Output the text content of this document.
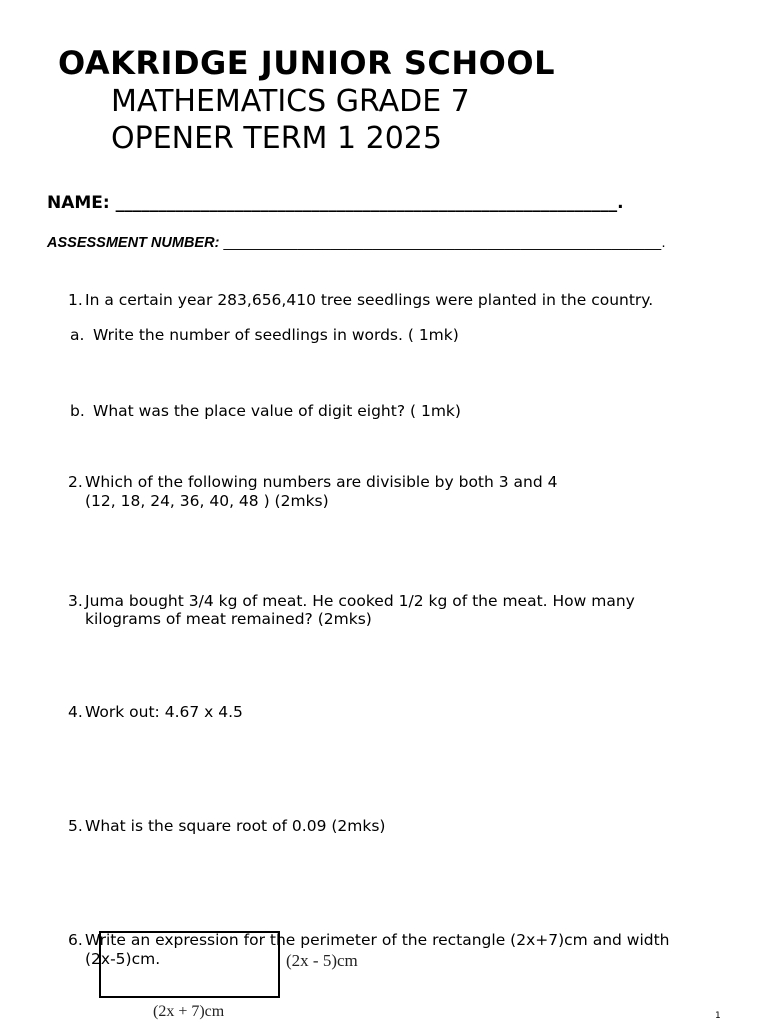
OAKRIDGE JUNIOR SCHOOL
MATHEMATICS GRADE 7
OPENER TERM 1 2025
NAME: ___________________________________________________________.
ASSESSMENT NUMBER: _____________________________________________________.
1. In a certain year 283,656,410 tree seedlings were planted in the country.
a. Write the number of seedlings in words. ( 1mk)
b. What was the place value of digit eight? ( 1mk)
2. Which of the following numbers are divisible by both 3 and 4
(12, 18, 24, 36, 40, 48 ) (2mks)
3. Juma bought 3/4 kg of meat. He cooked 1/2 kg of the meat. How many
kilograms of meat remained? (2mks)
4. Work out: 4.67 x 4.5
5. What is the square root of 0.09 (2mks)
6. Write an expression for the perimeter of the rectangle (2x+7)cm and width
(2x-5)cm.	(2x - 5)cm
(2x + 7)cm	1
